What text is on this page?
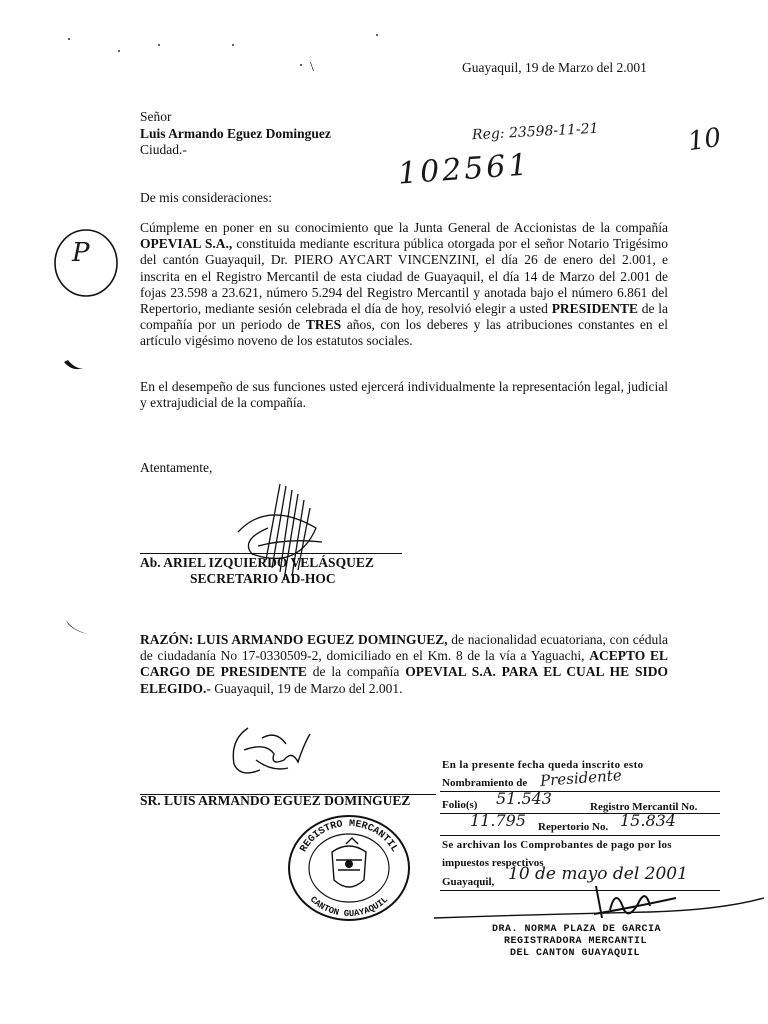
\	Guayaquil, 19 de Marzo del 2.001
Señor
Luis Armando Eguez Dominguez
Ciudad.-
Reg: 23598-11-21	10
102561
De mis consideraciones:
P
Cúmpleme en poner en su conocimiento que la Junta General de Accionistas de la compañía OPEVIAL S.A., constituida mediante escritura pública otorgada por el señor Notario Trigésimo del cantón Guayaquil, Dr. PIERO AYCART VINCENZINI, el día 26 de enero del 2.001, e inscrita en el Registro Mercantil de esta ciudad de Guayaquil, el día 14 de Marzo del 2.001 de fojas 23.598 a 23.621, número 5.294 del Registro Mercantil y anotada bajo el número 6.861 del Repertorio, mediante sesión celebrada el día de hoy, resolvió elegir a usted PRESIDENTE de la compañía por un periodo de TRES años, con los deberes y las atribuciones constantes en el artículo vigésimo noveno de los estatutos sociales.
En el desempeño de sus funciones usted ejercerá individualmente la representación legal, judicial y extrajudicial de la compañía.
Atentamente,
Ab. ARIEL IZQUIERDO VELÁSQUEZ
SECRETARIO AD-HOC
RAZÓN: LUIS ARMANDO EGUEZ DOMINGUEZ, de nacionalidad ecuatoriana, con cédula de ciudadanía No 17-0330509-2, domiciliado en el Km. 8 de la vía a Yaguachi, ACEPTO EL CARGO DE PRESIDENTE de la compañía OPEVIAL S.A. PARA EL CUAL HE SIDO ELEGIDO.- Guayaquil, 19 de Marzo del 2.001.
SR. LUIS ARMANDO EGUEZ DOMINGUEZ
REGISTRO MERCANTIL
CANTON GUAYAQUIL
En la presente fecha queda inscrito esto
Nombramiento de Presidente
Folio(s) 51.543	Registro Mercantil No.
11.795 Repertorio No. 15.834
Se archivan los Comprobantes de pago por los
impuestos respectivos
Guayaquil, 10 de mayo del 2001
DRA. NORMA PLAZA DE GARCIA
REGISTRADORA MERCANTIL
DEL CANTON GUAYAQUIL
